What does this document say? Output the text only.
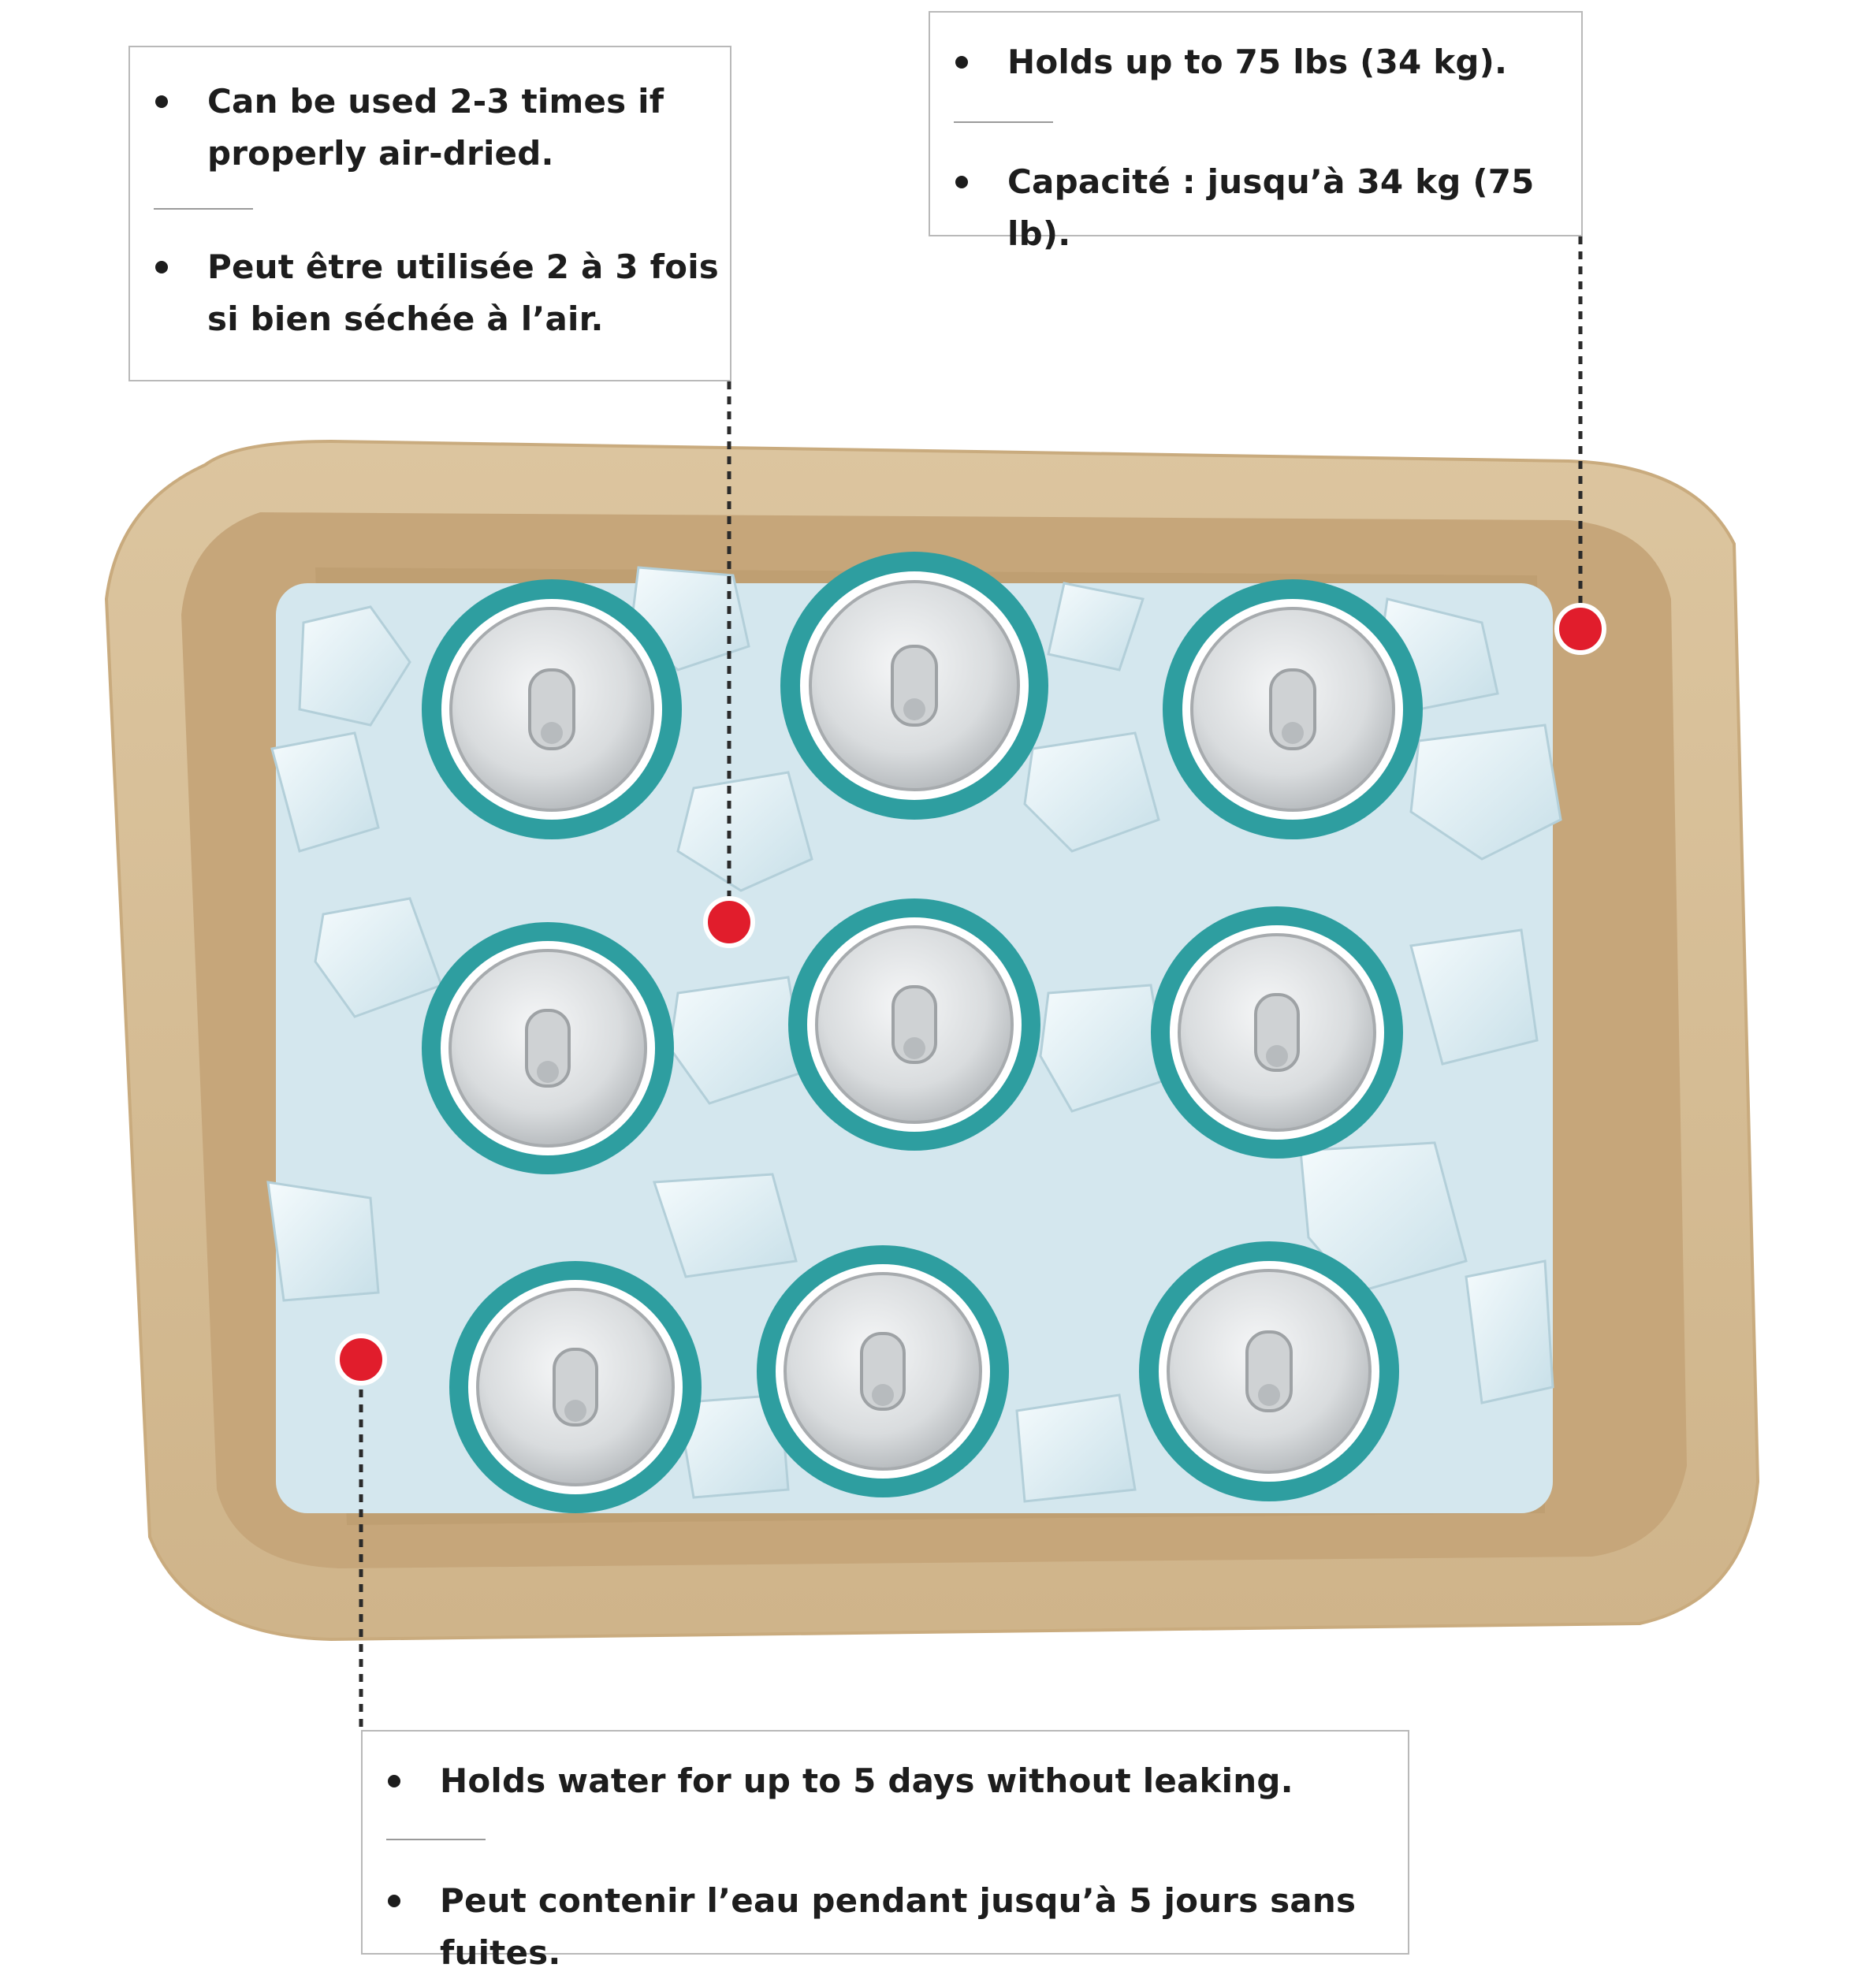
Can be used 2-3 times if properly air-dried.
Peut être utilisée 2 à 3 fois si bien séchée à l’air.
Holds up to 75 lbs (34 kg).
Capacité : jusqu’à 34 kg (75 lb).
Holds water for up to 5 days without leaking.
Peut contenir l’eau pendant jusqu’à 5 jours sans fuites.
